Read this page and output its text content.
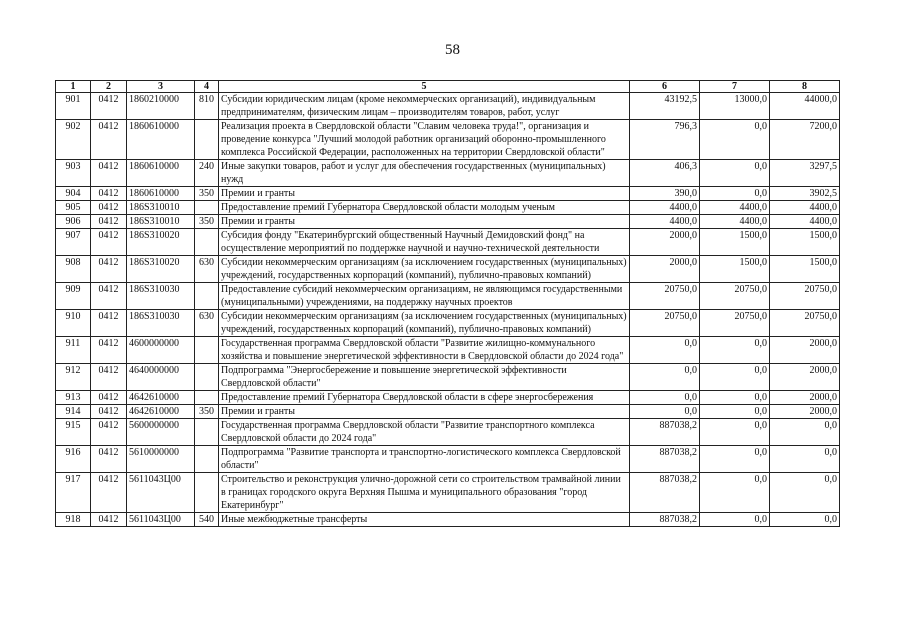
58
1	2	3	4	5	6	7	8
901	0412	1860210000	810	Субсидии юридическим лицам (кроме некоммерческих организаций), индивидуальным предпринимателям, физическим лицам – производителям товаров, работ, услуг	43192,5	13000,0	44000,0
902	0412	1860610000		Реализация проекта в Свердловской области "Славим человека труда!", организация и проведение конкурса "Лучший молодой работник организаций оборонно-промышленного комплекса Российской Федерации, расположенных на территории Свердловской области"	796,3	0,0	7200,0
903	0412	1860610000	240	Иные закупки товаров, работ и услуг для обеспечения государственных (муниципальных) нужд	406,3	0,0	3297,5
904	0412	1860610000	350	Премии и гранты	390,0	0,0	3902,5
905	0412	186S310010		Предоставление премий Губернатора Свердловской области молодым ученым	4400,0	4400,0	4400,0
906	0412	186S310010	350	Премии и гранты	4400,0	4400,0	4400,0
907	0412	186S310020		Субсидия фонду "Екатеринбургский общественный Научный Демидовский фонд" на осуществление мероприятий по поддержке научной и научно-технической деятельности	2000,0	1500,0	1500,0
908	0412	186S310020	630	Субсидии некоммерческим организациям (за исключением государственных (муниципальных) учреждений, государственных корпораций (компаний), публично-правовых компаний)	2000,0	1500,0	1500,0
909	0412	186S310030		Предоставление субсидий некоммерческим организациям, не являющимся государственными (муниципальными) учреждениями, на поддержку научных проектов	20750,0	20750,0	20750,0
910	0412	186S310030	630	Субсидии некоммерческим организациям (за исключением государственных (муниципальных) учреждений, государственных корпораций (компаний), публично-правовых компаний)	20750,0	20750,0	20750,0
911	0412	4600000000		Государственная программа Свердловской области "Развитие жилищно-коммунального хозяйства и повышение энергетической эффективности в Свердловской области до 2024 года"	0,0	0,0	2000,0
912	0412	4640000000		Подпрограмма "Энергосбережение и повышение энергетической эффективности Свердловской области"	0,0	0,0	2000,0
913	0412	4642610000		Предоставление премий Губернатора Свердловской области в сфере энергосбережения	0,0	0,0	2000,0
914	0412	4642610000	350	Премии и гранты	0,0	0,0	2000,0
915	0412	5600000000		Государственная программа Свердловской области "Развитие транспортного комплекса Свердловской области до 2024 года"	887038,2	0,0	0,0
916	0412	5610000000		Подпрограмма "Развитие транспорта и транспортно-логистического комплекса Свердловской области"	887038,2	0,0	0,0
917	0412	5611043Ц00		Строительство и реконструкция улично-дорожной сети со строительством трамвайной линии в границах городского округа Верхняя Пышма и муниципального образования "город Екатеринбург"	887038,2	0,0	0,0
918	0412	5611043Ц00	540	Иные межбюджетные трансферты	887038,2	0,0	0,0
